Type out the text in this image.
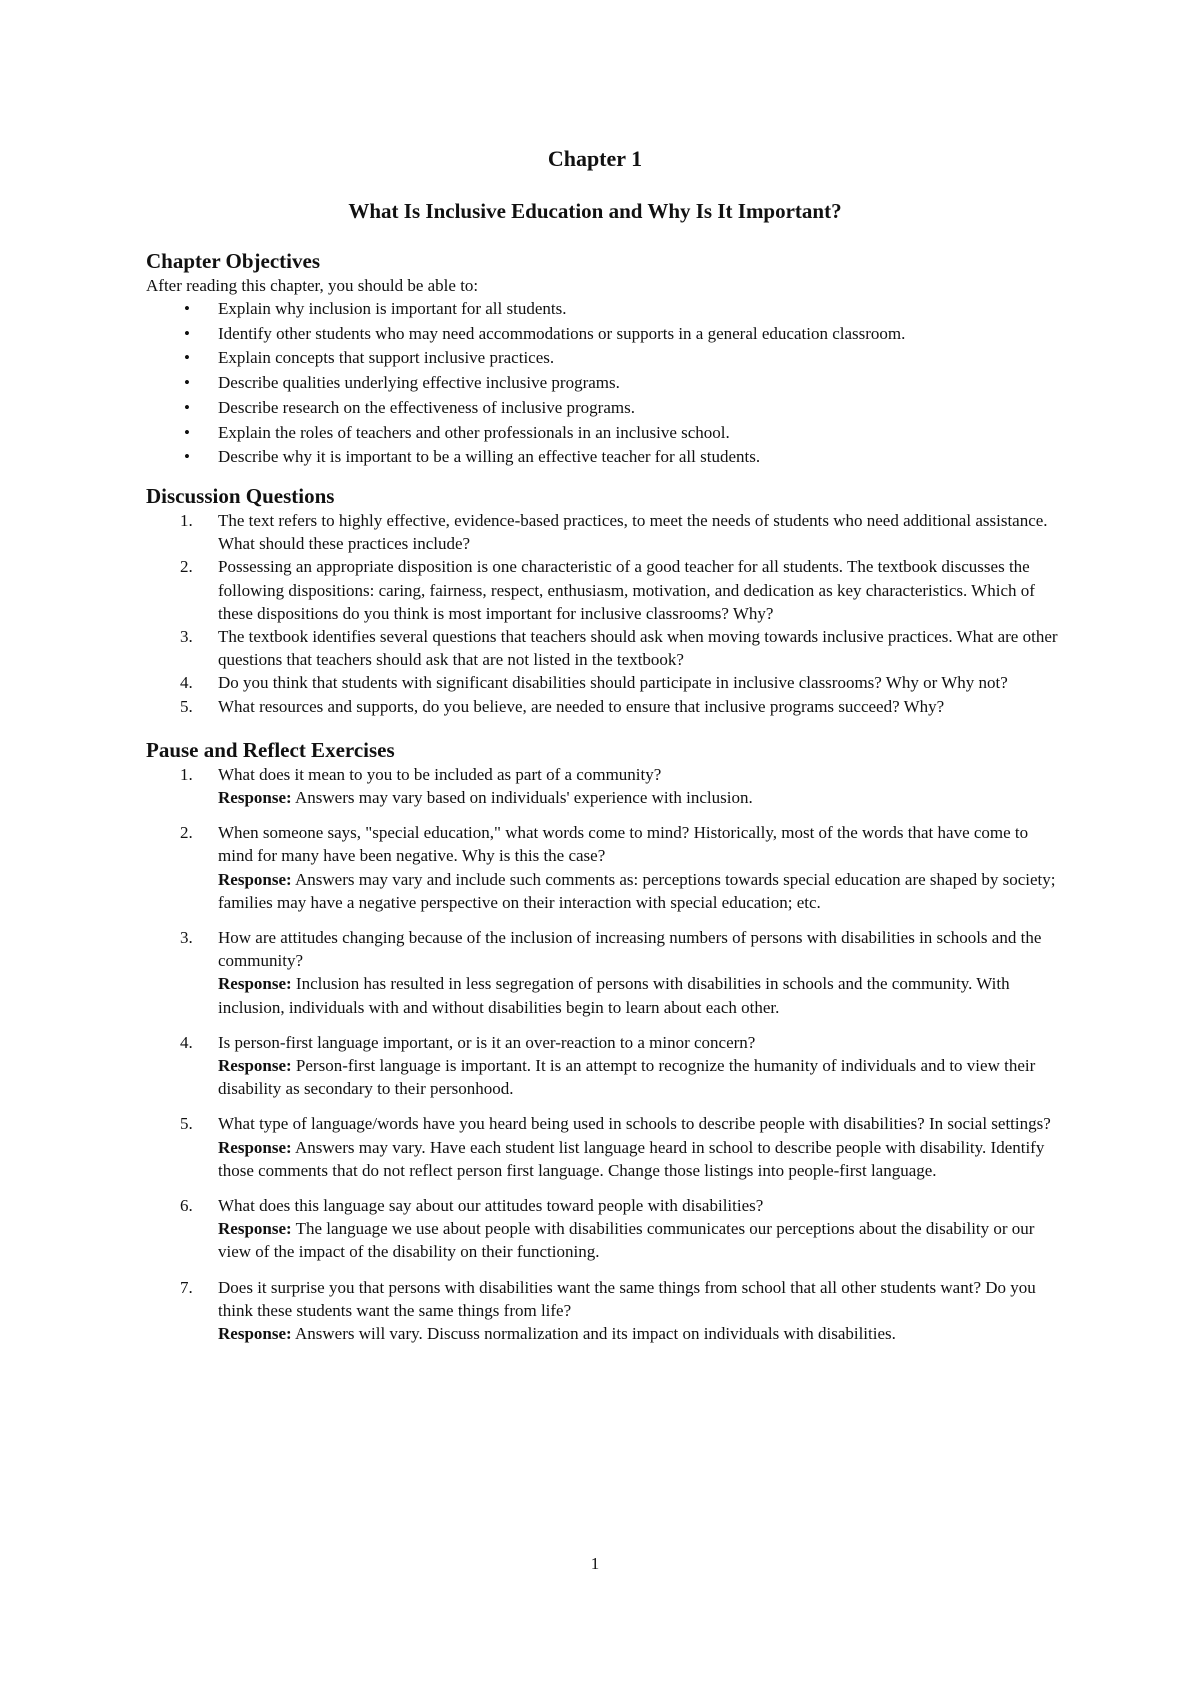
Chapter 1
What Is Inclusive Education and Why Is It Important?
Chapter Objectives

After reading this chapter, you should be able to:

• Explain why inclusion is important for all students.
• Identify other students who may need accommodations or supports in a general education classroom.
• Explain concepts that support inclusive practices.
• Describe qualities underlying effective inclusive programs.
• Describe research on the effectiveness of inclusive programs.
• Explain the roles of teachers and other professionals in an inclusive school.
• Describe why it is important to be a willing an effective teacher for all students.
Discussion Questions
1. The text refers to highly effective, evidence-based practices, to meet the needs of students who need additional assistance. What should these practices include?
2. Possessing an appropriate disposition is one characteristic of a good teacher for all students. The textbook discusses the following dispositions: caring, fairness, respect, enthusiasm, motivation, and dedication as key characteristics. Which of these dispositions do you think is most important for inclusive classrooms? Why?
3. The textbook identifies several questions that teachers should ask when moving towards inclusive practices. What are other questions that teachers should ask that are not listed in the textbook?
4. Do you think that students with significant disabilities should participate in inclusive classrooms? Why or Why not?
5. What resources and supports, do you believe, are needed to ensure that inclusive programs succeed? Why?
Pause and Reflect Exercises
1. What does it mean to you to be included as part of a community?
Response: Answers may vary based on individuals' experience with inclusion.
2. When someone says, "special education," what words come to mind? Historically, most of the words that have come to mind for many have been negative. Why is this the case?
Response: Answers may vary and include such comments as: perceptions towards special education are shaped by society; families may have a negative perspective on their interaction with special education; etc.
3. How are attitudes changing because of the inclusion of increasing numbers of persons with disabilities in schools and the community?
Response: Inclusion has resulted in less segregation of persons with disabilities in schools and the community. With inclusion, individuals with and without disabilities begin to learn about each other.
4. Is person-first language important, or is it an over-reaction to a minor concern?
Response: Person-first language is important. It is an attempt to recognize the humanity of individuals and to view their disability as secondary to their personhood.
5. What type of language/words have you heard being used in schools to describe people with disabilities? In social settings?
Response: Answers may vary. Have each student list language heard in school to describe people with disability. Identify those comments that do not reflect person first language. Change those listings into people-first language.
6. What does this language say about our attitudes toward people with disabilities?
Response: The language we use about people with disabilities communicates our perceptions about the disability or our view of the impact of the disability on their functioning.
7. Does it surprise you that persons with disabilities want the same things from school that all other students want? Do you think these students want the same things from life?
Response: Answers will vary. Discuss normalization and its impact on individuals with disabilities.
1
